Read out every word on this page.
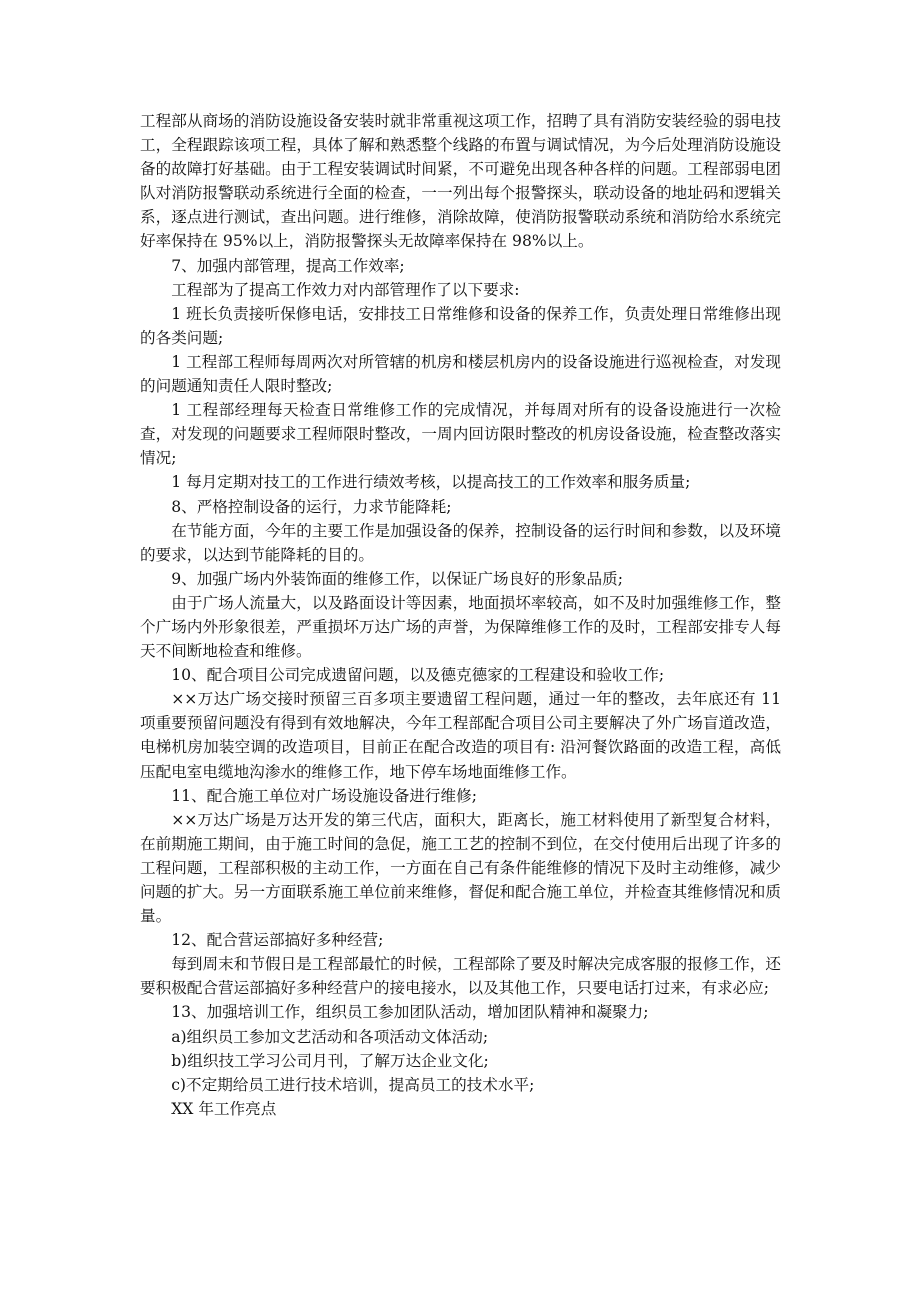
工程部从商场的消防设施设备安装时就非常重视这项工作，招聘了具有消防安装经验的弱电技工，全程跟踪该项工程，具体了解和熟悉整个线路的布置与调试情况，为今后处理消防设施设备的故障打好基础。由于工程安装调试时间紧，不可避免出现各种各样的问题。工程部弱电团队对消防报警联动系统进行全面的检查，一一列出每个报警探头，联动设备的地址码和逻辑关系，逐点进行测试，查出问题。进行维修，消除故障，使消防报警联动系统和消防给水系统完好率保持在 95%以上，消防报警探头无故障率保持在 98%以上。

7、加强内部管理，提高工作效率;

工程部为了提高工作效力对内部管理作了以下要求:

1 班长负责接听保修电话，安排技工日常维修和设备的保养工作，负责处理日常维修出现的各类问题;

1 工程部工程师每周两次对所管辖的机房和楼层机房内的设备设施进行巡视检查，对发现的问题通知责任人限时整改;

1 工程部经理每天检查日常维修工作的完成情况，并每周对所有的设备设施进行一次检查，对发现的问题要求工程师限时整改，一周内回访限时整改的机房设备设施，检查整改落实情况;

1 每月定期对技工的工作进行绩效考核，以提高技工的工作效率和服务质量;

8、严格控制设备的运行，力求节能降耗;

在节能方面，今年的主要工作是加强设备的保养，控制设备的运行时间和参数，以及环境的要求，以达到节能降耗的目的。

9、加强广场内外装饰面的维修工作，以保证广场良好的形象品质;

由于广场人流量大，以及路面设计等因素，地面损坏率较高，如不及时加强维修工作，整个广场内外形象很差，严重损坏万达广场的声誉，为保障维修工作的及时，工程部安排专人每天不间断地检查和维修。

10、配合项目公司完成遗留问题，以及德克德家的工程建设和验收工作;

××万达广场交接时预留三百多项主要遗留工程问题，通过一年的整改，去年底还有 11 项重要预留问题没有得到有效地解决，今年工程部配合项目公司主要解决了外广场盲道改造，电梯机房加装空调的改造项目，目前正在配合改造的项目有: 沿河餐饮路面的改造工程，高低压配电室电缆地沟渗水的维修工作，地下停车场地面维修工作。

11、配合施工单位对广场设施设备进行维修;

××万达广场是万达开发的第三代店，面积大，距离长，施工材料使用了新型复合材料，在前期施工期间，由于施工时间的急促，施工工艺的控制不到位，在交付使用后出现了许多的工程问题，工程部积极的主动工作，一方面在自己有条件能维修的情况下及时主动维修，减少问题的扩大。另一方面联系施工单位前来维修，督促和配合施工单位，并检查其维修情况和质量。

12、配合营运部搞好多种经营;

每到周末和节假日是工程部最忙的时候，工程部除了要及时解决完成客服的报修工作，还要积极配合营运部搞好多种经营户的接电接水，以及其他工作，只要电话打过来，有求必应;

13、加强培训工作，组织员工参加团队活动，增加团队精神和凝聚力;

a)组织员工参加文艺活动和各项活动文体活动;

b)组织技工学习公司月刊，了解万达企业文化;

c)不定期给员工进行技术培训，提高员工的技术水平;

XX 年工作亮点
